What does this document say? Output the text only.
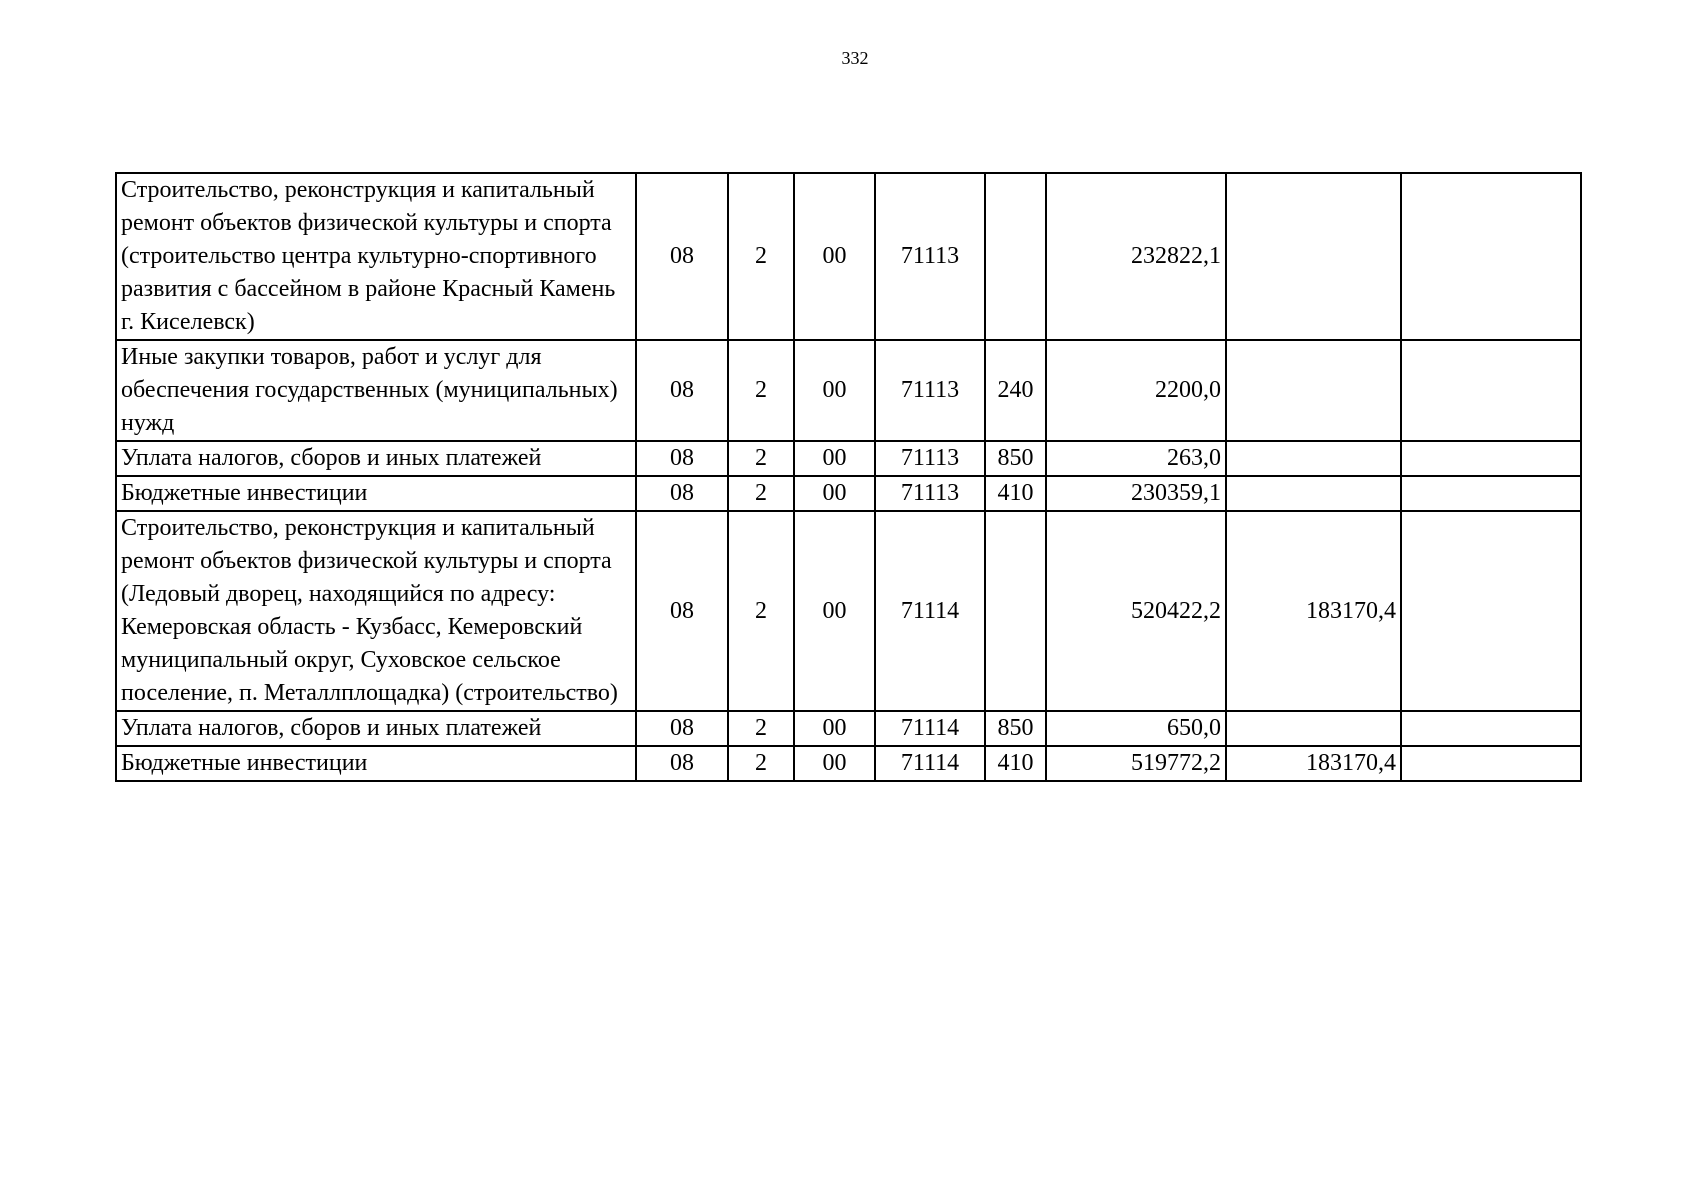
332
Строительство, реконструкция и капитальный ремонт объектов физической культуры и спорта (строительство центра культурно-спортивного развития с бассейном в районе Красный Камень г. Киселевск)	08	2	00	71113		232822,1		
Иные закупки товаров, работ и услуг для обеспечения государственных (муниципальных) нужд	08	2	00	71113	240	2200,0		
Уплата налогов, сборов и иных платежей	08	2	00	71113	850	263,0		
Бюджетные инвестиции	08	2	00	71113	410	230359,1		
Строительство, реконструкция и капитальный ремонт объектов физической культуры и спорта (Ледовый дворец, находящийся по адресу: Кемеровская область - Кузбасс, Кемеровский муниципальный округ, Суховское сельское поселение, п. Металлплощадка) (строительство)	08	2	00	71114		520422,2	183170,4	
Уплата налогов, сборов и иных платежей	08	2	00	71114	850	650,0		
Бюджетные инвестиции	08	2	00	71114	410	519772,2	183170,4	
